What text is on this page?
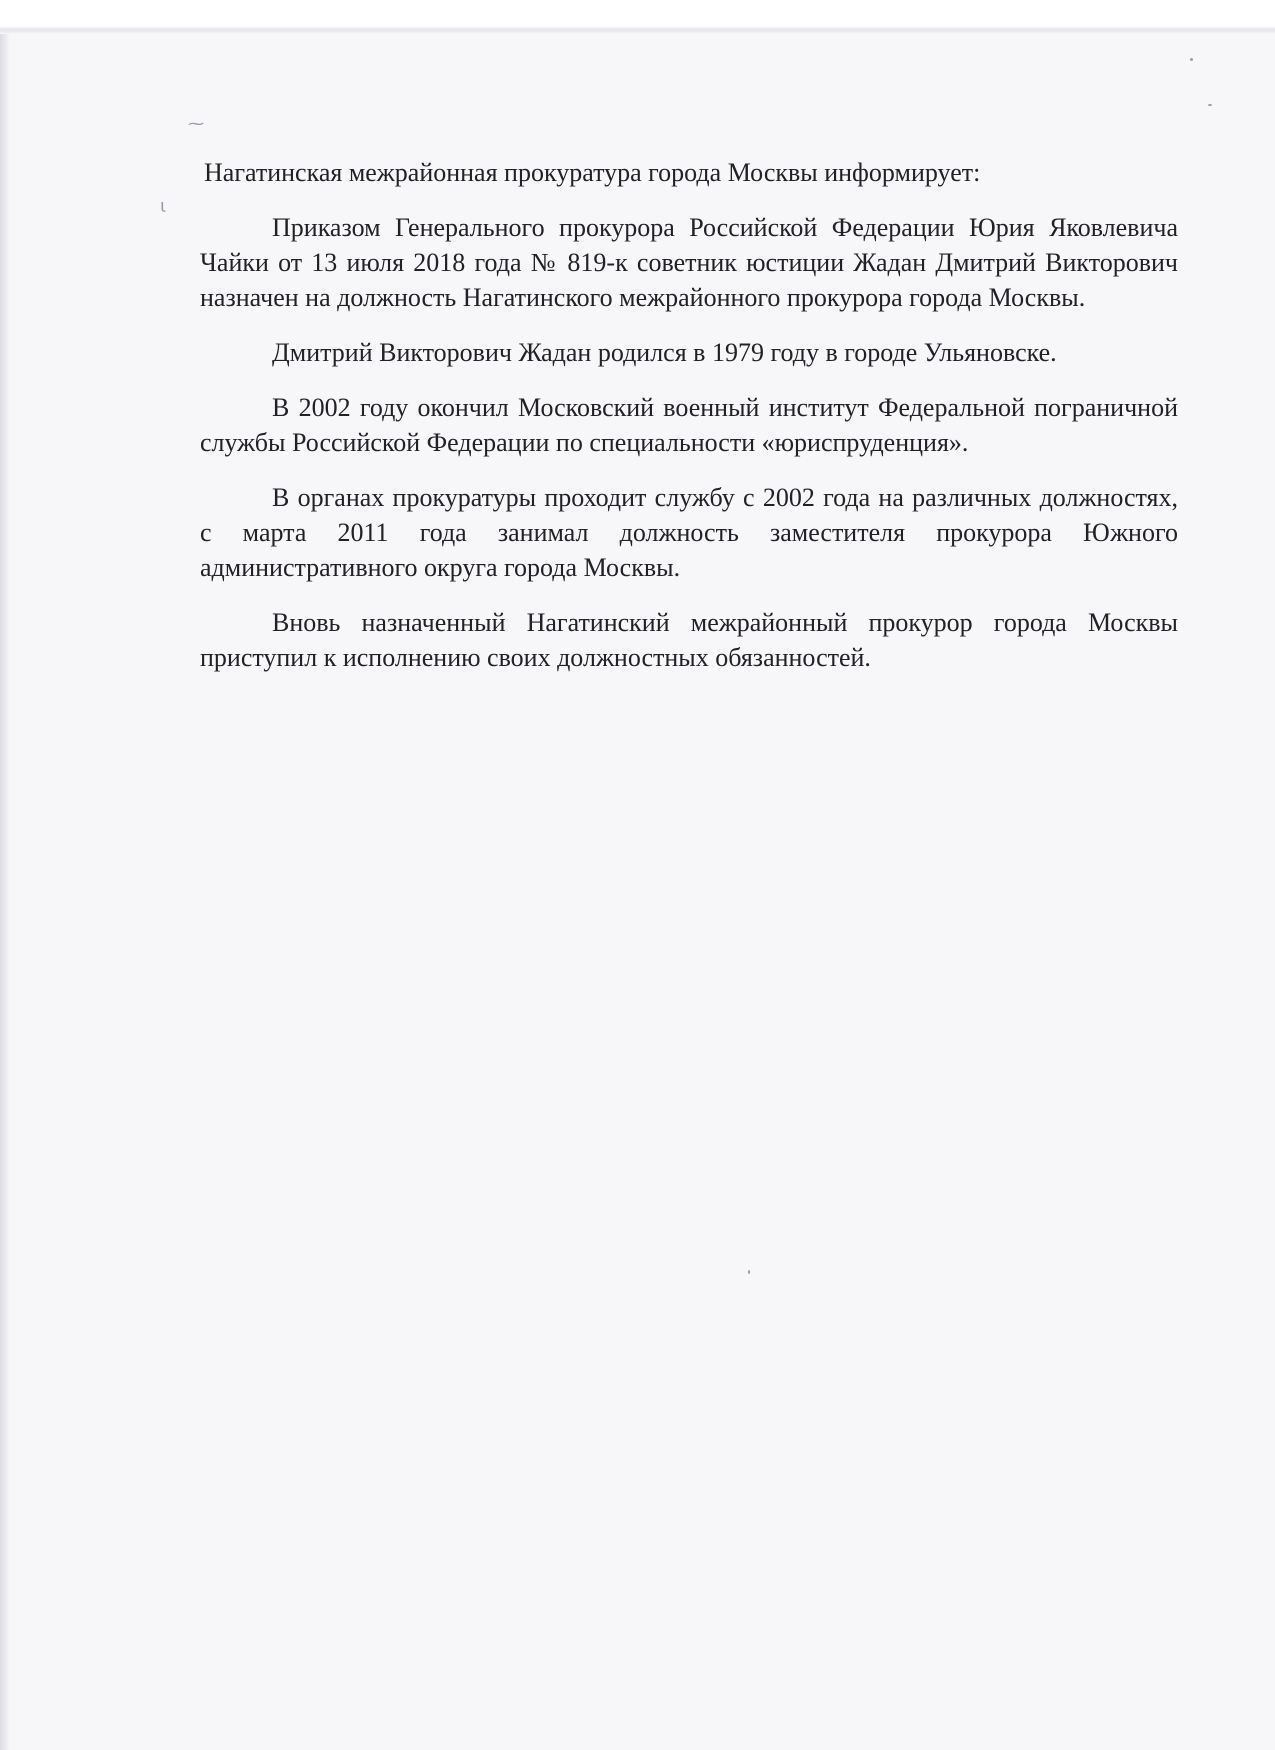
⁓
ι

Нагатинская межрайонная прокуратура города Москвы информирует:

Приказом Генерального прокурора Российской Федерации Юрия Яковлевича Чайки от 13 июля 2018 года № 819-к советник юстиции Жадан Дмитрий Викторович назначен на должность Нагатинского межрайонного прокурора города Москвы.

Дмитрий Викторович Жадан родился в 1979 году в городе Ульяновске.

В 2002 году окончил Московский военный институт Федеральной пограничной службы Российской Федерации по специальности «юриспруденция».

В органах прокуратуры проходит службу с 2002 года на различных должностях, с марта 2011 года занимал должность заместителя прокурора Южного административного округа города Москвы.

Вновь назначенный Нагатинский межрайонный прокурор города Москвы приступил к исполнению своих должностных обязанностей.
